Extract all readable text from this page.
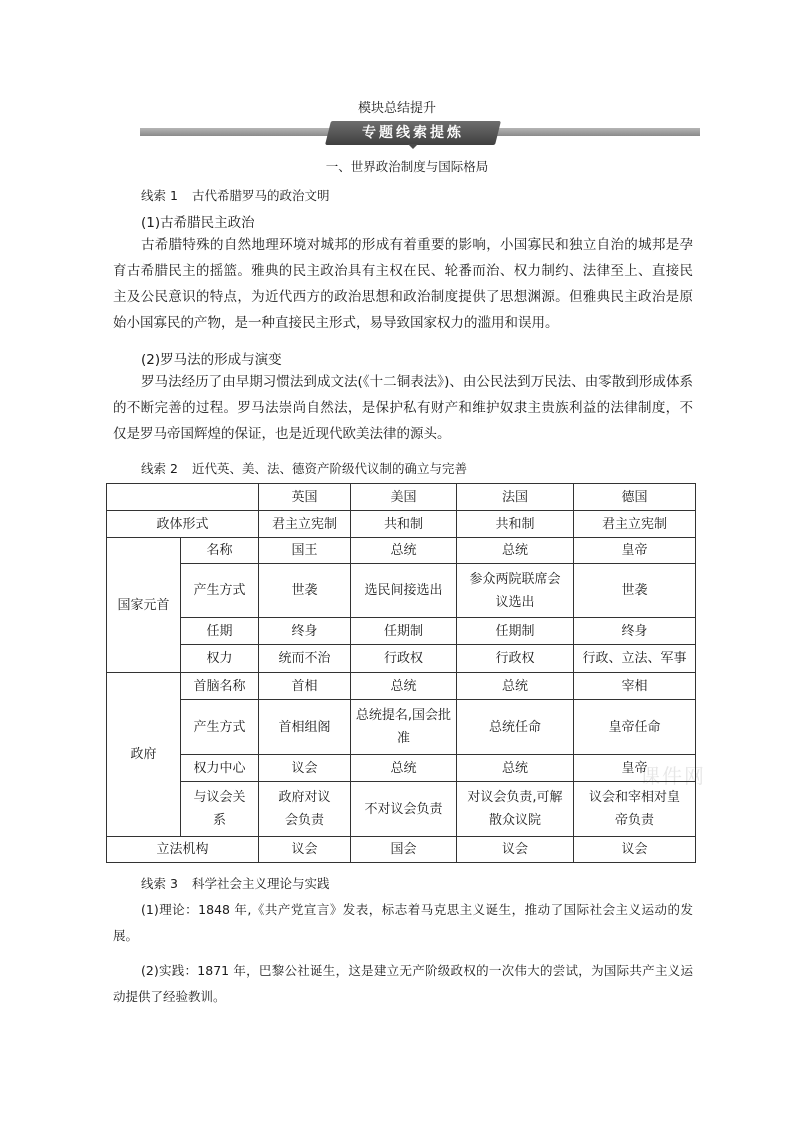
模块总结提升
专题线索提炼
一、世界政治制度与国际格局
线索 1 古代希腊罗马的政治文明
(1)古希腊民主政治
古希腊特殊的自然地理环境对城邦的形成有着重要的影响，小国寡民和独立自治的城邦是孕育古希腊民主的摇篮。雅典的民主政治具有主权在民、轮番而治、权力制约、法律至上、直接民主及公民意识的特点，为近代西方的政治思想和政治制度提供了思想渊源。但雅典民主政治是原始小国寡民的产物，是一种直接民主形式，易导致国家权力的滥用和误用。
(2)罗马法的形成与演变
罗马法经历了由早期习惯法到成文法(《十二铜表法》)、由公民法到万民法、由零散到形成体系的不断完善的过程。罗马法崇尚自然法，是保护私有财产和维护奴隶主贵族利益的法律制度，不仅是罗马帝国辉煌的保证，也是近现代欧美法律的源头。
线索 2 近代英、美、法、德资产阶级代议制的确立与完善
课件网
		英国	美国	法国	德国
政体形式		君主立宪制	共和制	共和制	君主立宪制
国家元首	名称	国王	总统	总统	皇帝
	产生方式	世袭	选民间接选出	参众两院联席会议选出	世袭
	任期	终身	任期制	任期制	终身
	权力	统而不治	行政权	行政权	行政、立法、军事
政府	首脑名称	首相	总统	总统	宰相
	产生方式	首相组阁	总统提名,国会批准	总统任命	皇帝任命
	权力中心	议会	总统	总统	皇帝
	与议会关系	政府对议会负责	不对议会负责	对议会负责,可解散众议院	议会和宰相对皇帝负责
立法机构		议会	国会	议会	议会
线索 3 科学社会主义理论与实践
(1)理论：1848 年,《共产党宣言》发表，标志着马克思主义诞生，推动了国际社会主义运动的发展。
(2)实践：1871 年，巴黎公社诞生，这是建立无产阶级政权的一次伟大的尝试，为国际共产主义运动提供了经验教训。
